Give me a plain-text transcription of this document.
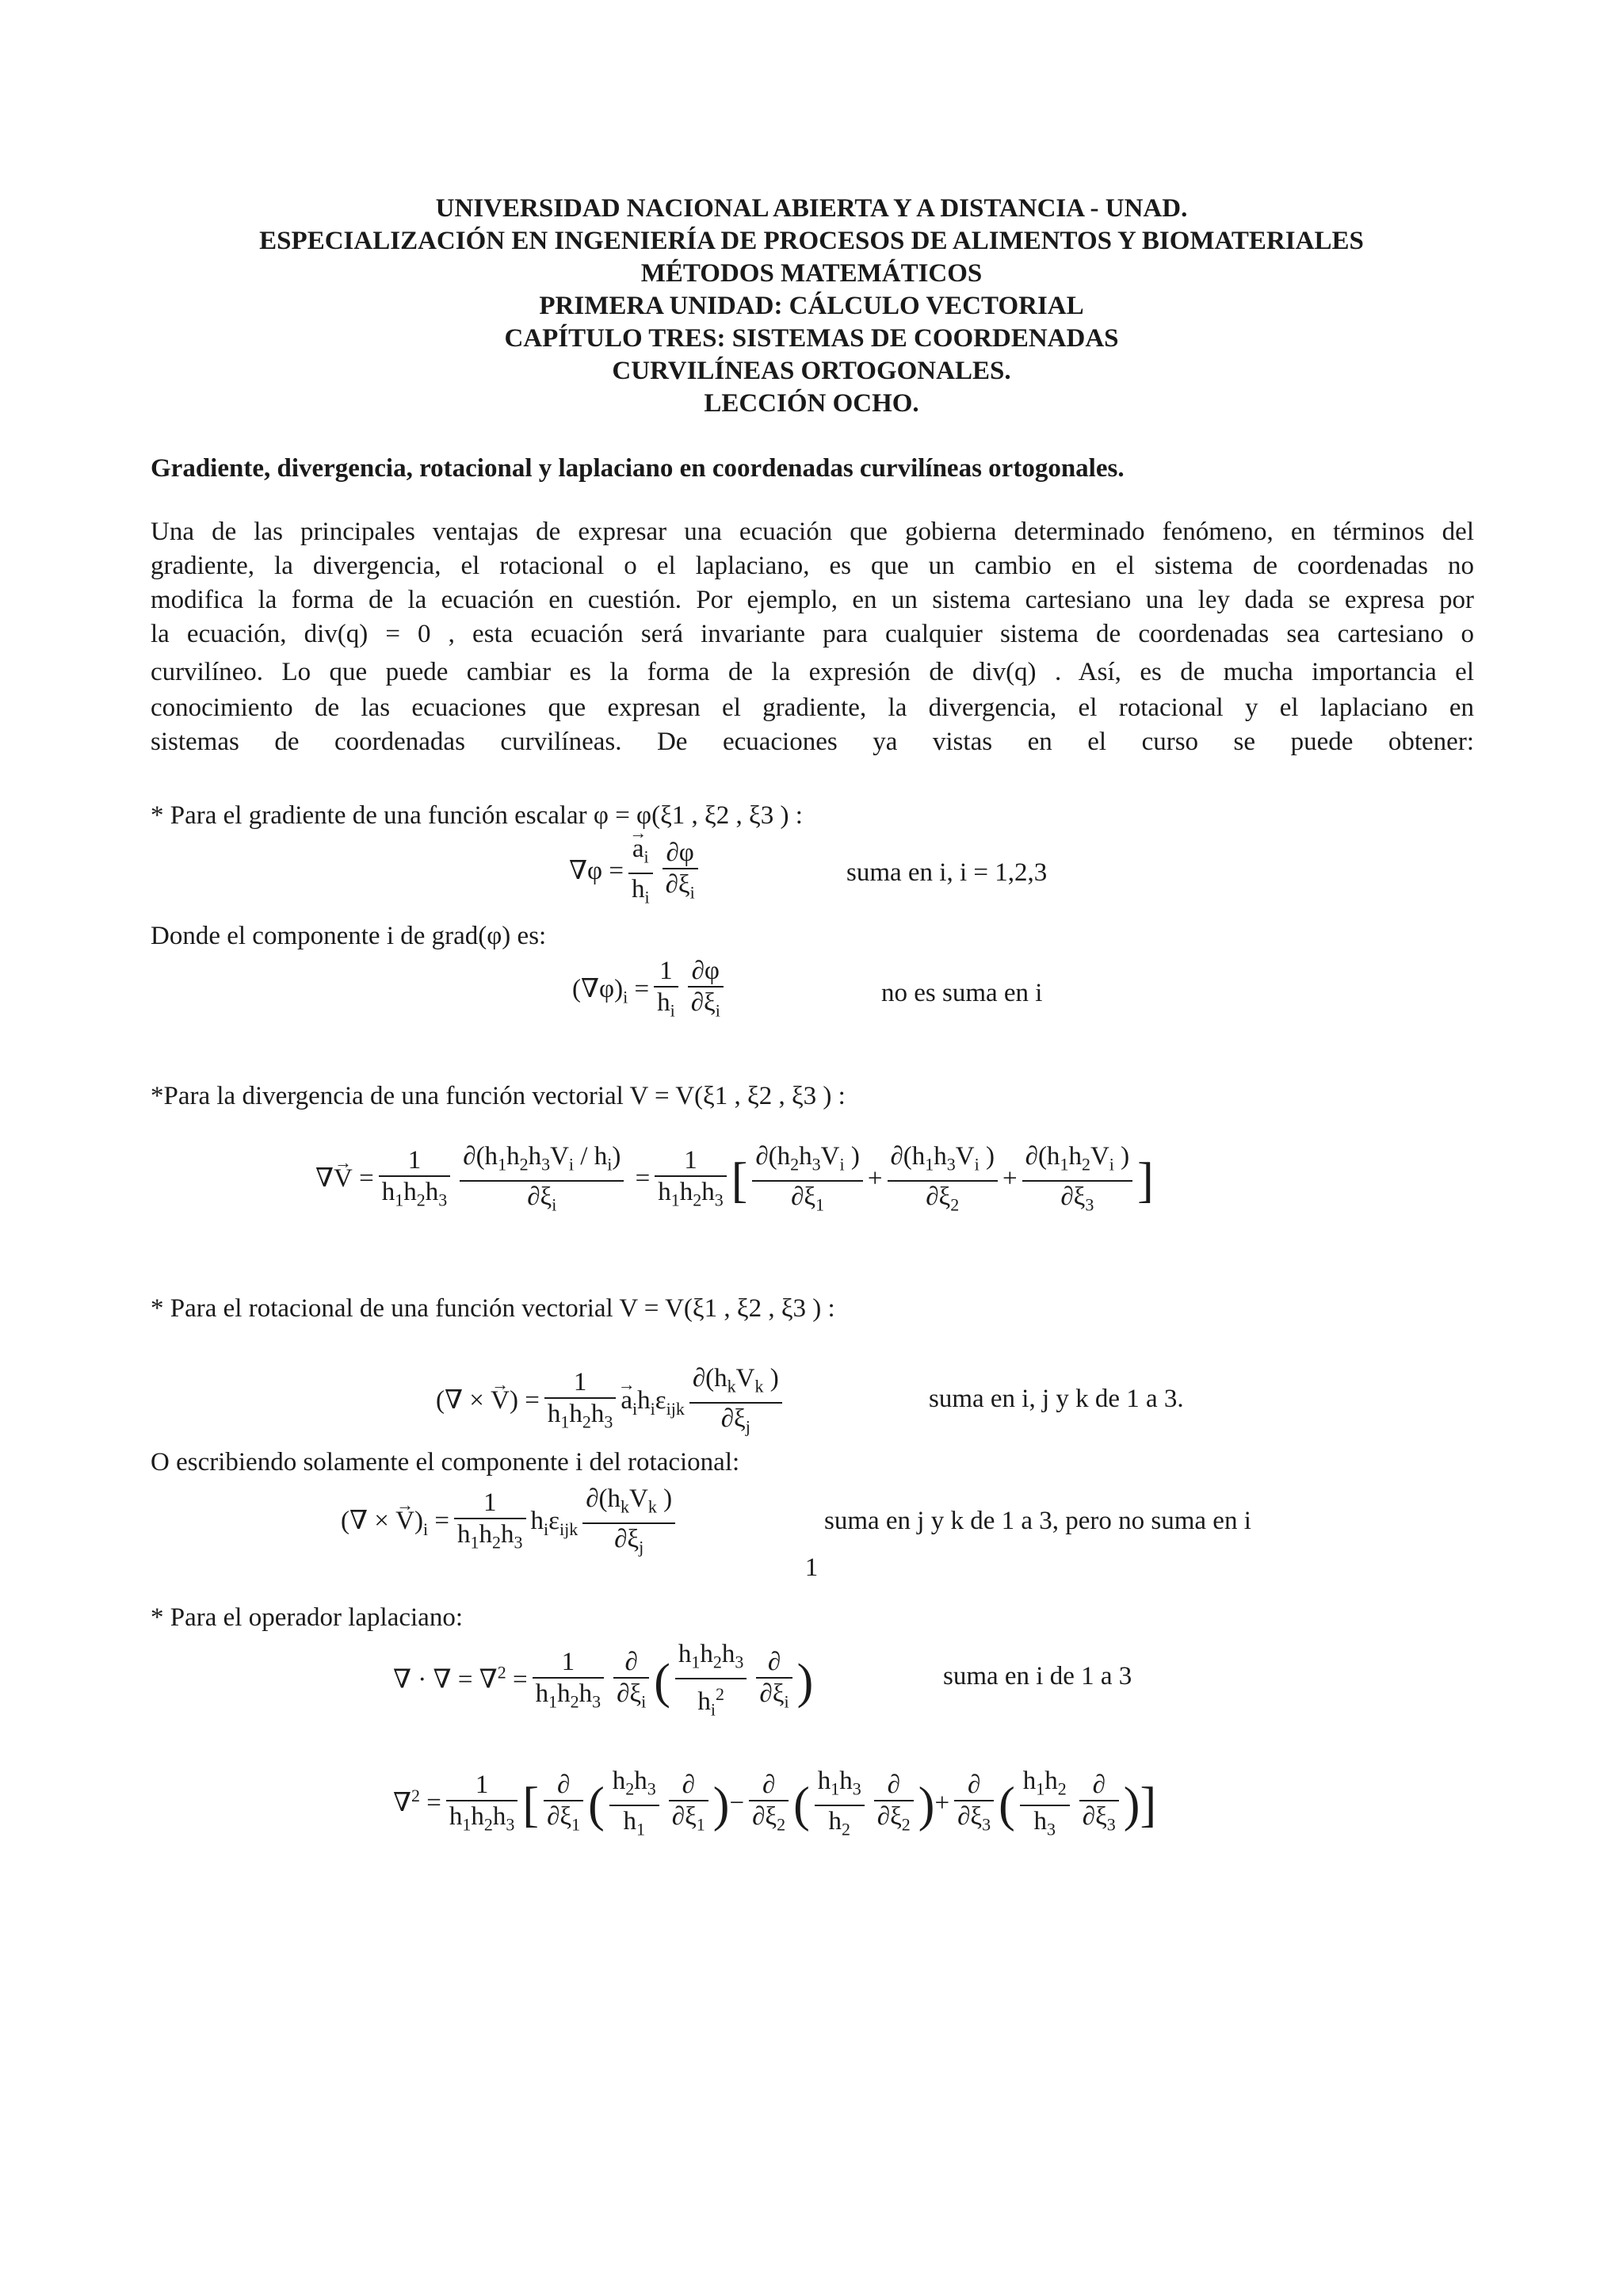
UNIVERSIDAD NACIONAL ABIERTA Y A DISTANCIA - UNAD.
ESPECIALIZACIÓN EN INGENIERÍA DE PROCESOS DE ALIMENTOS Y BIOMATERIALES
MÉTODOS MATEMÁTICOS
PRIMERA UNIDAD: CÁLCULO VECTORIAL
CAPÍTULO TRES: SISTEMAS DE COORDENADAS
CURVILÍNEAS ORTOGONALES.
LECCIÓN OCHO.
Gradiente, divergencia, rotacional y laplaciano en coordenadas curvilíneas ortogonales.
Una de las principales ventajas de expresar una ecuación que gobierna determinado fenómeno, en términos del
gradiente, la divergencia, el rotacional o el laplaciano, es que un cambio en el sistema de coordenadas no
modifica la forma de la ecuación en cuestión. Por ejemplo, en un sistema cartesiano una ley dada se expresa por
la ecuación, div(q) = 0 , esta ecuación será invariante para cualquier sistema de coordenadas sea cartesiano o
curvilíneo. Lo que puede cambiar es la forma de la expresión de div(q) . Así, es de mucha importancia el
conocimiento de las ecuaciones que expresan el gradiente, la divergencia, el rotacional y el laplaciano en
sistemas de coordenadas curvilíneas. De ecuaciones ya vistas en el curso se puede obtener:
* Para el gradiente de una función escalar φ = φ(ξ1 , ξ2 , ξ3 ) :
∇φ =
→ $\frac{a_i}{h_i} \frac{\partial\varphi}{\partial\xi_i}$	suma en i, i = 1,2,3
Donde el componente i de grad(φ) es:
$(\nabla\varphi)_i = \frac{1}{h_i} \frac{\partial\varphi}{\partial\xi_i}$	no es suma en i
*Para la divergencia de una función vectorial V = V(ξ1 , ξ2 , ξ3 ) :
∇→ $V = \frac{1}{h_1h_2h_3} \frac{\partial(h_1h_2h_3V_i / h_i)}{\partial\xi_i} = \frac{1}{h_1h_2h_3}$ [ $\frac{\partial(h_2h_3V_i )}{\partial\xi_1} + \frac{\partial(h_1h_3V_i )}{\partial\xi_2} + \frac{\partial(h_1h_2V_i )}{\partial\xi_3}$ ]
* Para el rotacional de una función vectorial V = V(ξ1 , ξ2 , ξ3 ) :
(∇ × → $V) = \frac{1}{h_1h_2h_3}$
→ $a_ih_i\varepsilon_{ijk} \frac{\partial(h_kV_k )}{\partial\xi_j}$	suma en i, j y k de 1 a 3.
O escribiendo solamente el componente i del rotacional:
(∇ × → $V)_i = \frac{1}{h_1h_2h_3} h_i\varepsilon_{ijk} \frac{\partial(h_kV_k )}{\partial\xi_j}$	suma en j y k de 1 a 3, pero no suma en i
* Para el operador laplaciano:
∇ · ∇ = $\nabla^2 = \frac{1}{h_1h_2h_3} \frac{\partial}{\partial\xi_i}$ ( $\frac{h_1h_2h_3}{h_i^2} \frac{\partial}{\partial\xi_i}$ )	suma en i de 1 a 3
$\nabla^2 = \frac{1}{h_1h_2h_3}$ [ $\frac{\partial}{\partial\xi_1}$ ( $\frac{h_2h_3}{h_1} \frac{\partial}{\partial\xi_1}$ )− $\frac{\partial}{\partial\xi_2}$ ( $\frac{h_1h_3}{h_2} \frac{\partial}{\partial\xi_2}$ )+ $\frac{\partial}{\partial\xi_3}$ ( $\frac{h_1h_2}{h_3} \frac{\partial}{\partial\xi_3}$ )]
1
